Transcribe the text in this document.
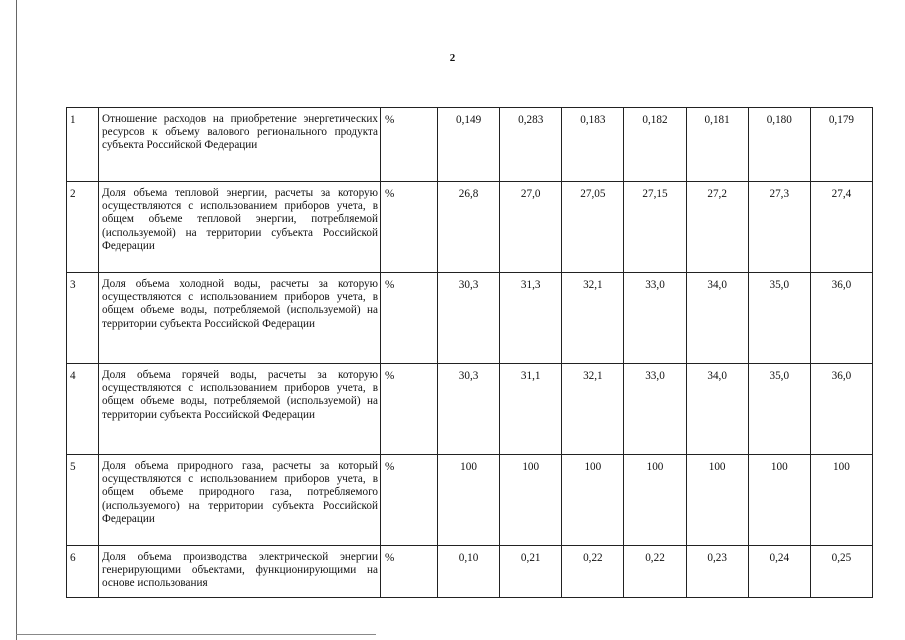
2
1	Отношение расходов на приобретение энергетических ресурсов к объему валового регионального продукта субъекта Российской Федерации	%	0,149	0,283	0,183	0,182	0,181	0,180	0,179
2	Доля объема тепловой энергии, расчеты за которую осуществляются с использованием приборов учета, в общем объеме тепловой энергии, потребляемой (используемой) на территории субъекта Российской Федерации	%	26,8	27,0	27,05	27,15	27,2	27,3	27,4
3	Доля объема холодной воды, расчеты за которую осуществляются с использованием приборов учета, в общем объеме воды, потребляемой (используемой) на территории субъекта Российской Федерации	%	30,3	31,3	32,1	33,0	34,0	35,0	36,0
4	Доля объема горячей воды, расчеты за которую осуществляются с использованием приборов учета, в общем объеме воды, потребляемой (используемой) на территории субъекта Российской Федерации	%	30,3	31,1	32,1	33,0	34,0	35,0	36,0
5	Доля объема природного газа, расчеты за который осуществляются с использованием приборов учета, в общем объеме природного газа, потребляемого (используемого) на территории субъекта Российской Федерации	%	100	100	100	100	100	100	100
6	Доля объема производства электрической энергии генерирующими объектами, функционирующими на основе использования	%	0,10	0,21	0,22	0,22	0,23	0,24	0,25
